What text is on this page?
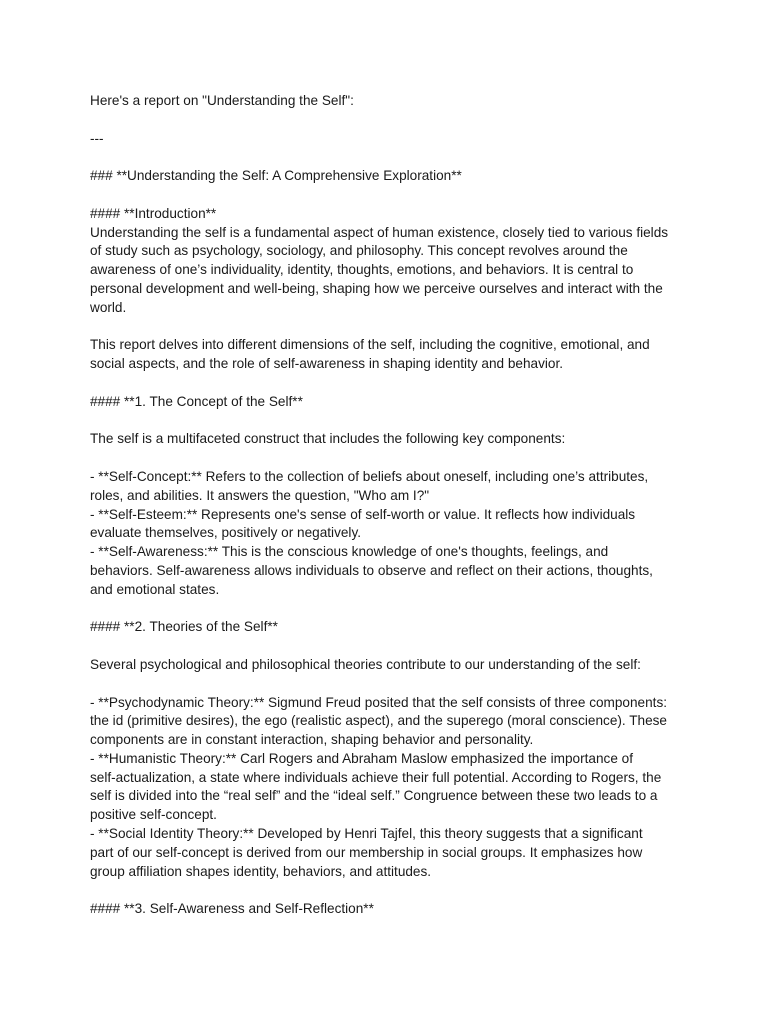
Here's a report on "Understanding the Self":

---

### **Understanding the Self: A Comprehensive Exploration**

#### **Introduction**

Understanding the self is a fundamental aspect of human existence, closely tied to various fields
of study such as psychology, sociology, and philosophy. This concept revolves around the
awareness of one’s individuality, identity, thoughts, emotions, and behaviors. It is central to
personal development and well-being, shaping how we perceive ourselves and interact with the
world.

This report delves into different dimensions of the self, including the cognitive, emotional, and
social aspects, and the role of self-awareness in shaping identity and behavior.

#### **1. The Concept of the Self**

The self is a multifaceted construct that includes the following key components:

- **Self-Concept:** Refers to the collection of beliefs about oneself, including one’s attributes,
roles, and abilities. It answers the question, "Who am I?"

- **Self-Esteem:** Represents one's sense of self-worth or value. It reflects how individuals
evaluate themselves, positively or negatively.

- **Self-Awareness:** This is the conscious knowledge of one's thoughts, feelings, and
behaviors. Self-awareness allows individuals to observe and reflect on their actions, thoughts,
and emotional states.

#### **2. Theories of the Self**

Several psychological and philosophical theories contribute to our understanding of the self:

- **Psychodynamic Theory:** Sigmund Freud posited that the self consists of three components:
the id (primitive desires), the ego (realistic aspect), and the superego (moral conscience). These
components are in constant interaction, shaping behavior and personality.

- **Humanistic Theory:** Carl Rogers and Abraham Maslow emphasized the importance of
self-actualization, a state where individuals achieve their full potential. According to Rogers, the
self is divided into the “real self” and the “ideal self.” Congruence between these two leads to a
positive self-concept.

- **Social Identity Theory:** Developed by Henri Tajfel, this theory suggests that a significant
part of our self-concept is derived from our membership in social groups. It emphasizes how
group affiliation shapes identity, behaviors, and attitudes.

#### **3. Self-Awareness and Self-Reflection**
